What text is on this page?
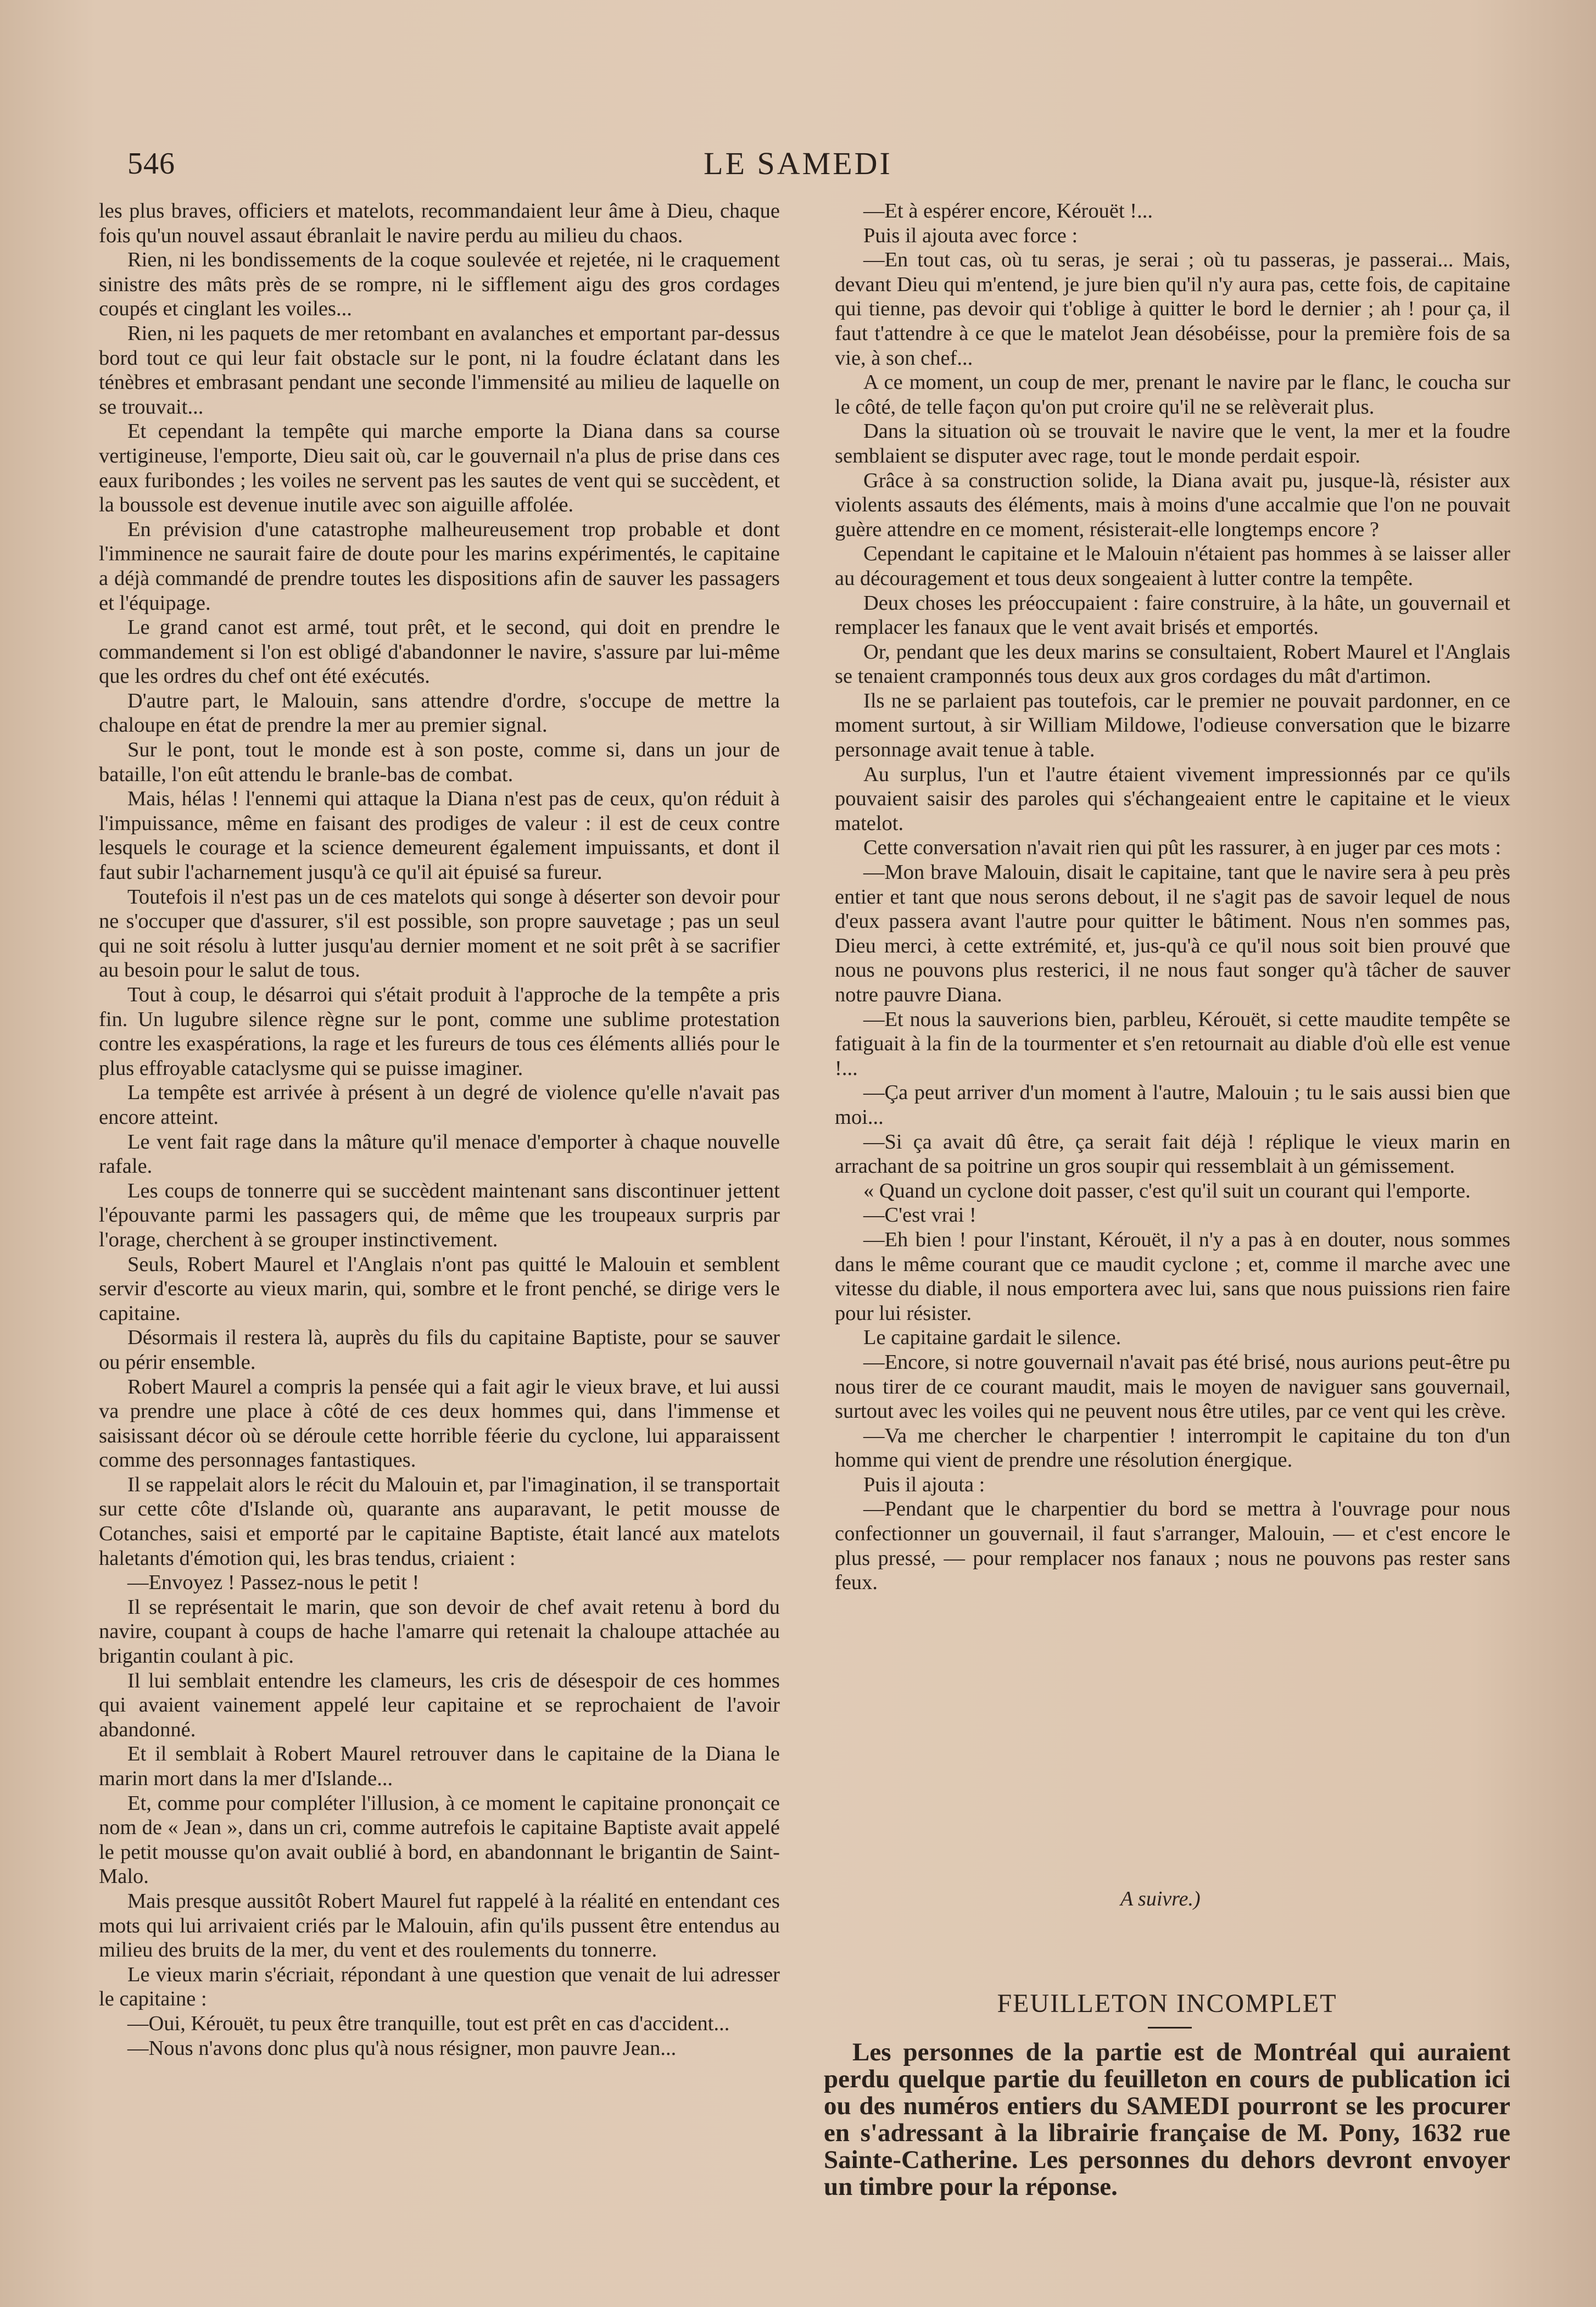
546	LE SAMEDI

les plus braves, officiers et matelots, recommandaient leur âme à Dieu, chaque fois qu'un nouvel assaut ébranlait le navire perdu au milieu du chaos.

Rien, ni les bondissements de la coque soulevée et rejetée, ni le craquement sinistre des mâts près de se rompre, ni le sifflement aigu des gros cordages coupés et cinglant les voiles...

Rien, ni les paquets de mer retombant en avalanches et emportant par-dessus bord tout ce qui leur fait obstacle sur le pont, ni la foudre éclatant dans les ténèbres et embrasant pendant une seconde l'immensité au milieu de laquelle on se trouvait...

Et cependant la tempête qui marche emporte la Diana dans sa course vertigineuse, l'emporte, Dieu sait où, car le gouvernail n'a plus de prise dans ces eaux furibondes ; les voiles ne servent pas les sautes de vent qui se succèdent, et la boussole est devenue inutile avec son aiguille affolée.

En prévision d'une catastrophe malheureusement trop probable et dont l'imminence ne saurait faire de doute pour les marins expérimentés, le capitaine a déjà commandé de prendre toutes les dispositions afin de sauver les passagers et l'équipage.

Le grand canot est armé, tout prêt, et le second, qui doit en prendre le commandement si l'on est obligé d'abandonner le navire, s'assure par lui-même que les ordres du chef ont été exécutés.

D'autre part, le Malouin, sans attendre d'ordre, s'occupe de mettre la chaloupe en état de prendre la mer au premier signal.

Sur le pont, tout le monde est à son poste, comme si, dans un jour de bataille, l'on eût attendu le branle-bas de combat.

Mais, hélas ! l'ennemi qui attaque la Diana n'est pas de ceux, qu'on réduit à l'impuissance, même en faisant des prodiges de valeur : il est de ceux contre lesquels le courage et la science demeurent également impuissants, et dont il faut subir l'acharnement jusqu'à ce qu'il ait épuisé sa fureur.

Toutefois il n'est pas un de ces matelots qui songe à déserter son devoir pour ne s'occuper que d'assurer, s'il est possible, son propre sauvetage ; pas un seul qui ne soit résolu à lutter jusqu'au dernier moment et ne soit prêt à se sacrifier au besoin pour le salut de tous.

Tout à coup, le désarroi qui s'était produit à l'approche de la tempête a pris fin. Un lugubre silence règne sur le pont, comme une sublime protestation contre les exaspérations, la rage et les fureurs de tous ces éléments alliés pour le plus effroyable cataclysme qui se puisse imaginer.

La tempête est arrivée à présent à un degré de violence qu'elle n'avait pas encore atteint.

Le vent fait rage dans la mâture qu'il menace d'emporter à chaque nouvelle rafale.

Les coups de tonnerre qui se succèdent maintenant sans discontinuer jettent l'épouvante parmi les passagers qui, de même que les troupeaux surpris par l'orage, cherchent à se grouper instinctivement.

Seuls, Robert Maurel et l'Anglais n'ont pas quitté le Malouin et semblent servir d'escorte au vieux marin, qui, sombre et le front penché, se dirige vers le capitaine.

Désormais il restera là, auprès du fils du capitaine Baptiste, pour se sauver ou périr ensemble.

Robert Maurel a compris la pensée qui a fait agir le vieux brave, et lui aussi va prendre une place à côté de ces deux hommes qui, dans l'immense et saisissant décor où se déroule cette horrible féerie du cyclone, lui apparaissent comme des personnages fantastiques.

Il se rappelait alors le récit du Malouin et, par l'imagination, il se transportait sur cette côte d'Islande où, quarante ans auparavant, le petit mousse de Cotanches, saisi et emporté par le capitaine Baptiste, était lancé aux matelots haletants d'émotion qui, les bras tendus, criaient :

—Envoyez ! Passez-nous le petit !

Il se représentait le marin, que son devoir de chef avait retenu à bord du navire, coupant à coups de hache l'amarre qui retenait la chaloupe attachée au brigantin coulant à pic.

Il lui semblait entendre les clameurs, les cris de désespoir de ces hommes qui avaient vainement appelé leur capitaine et se reprochaient de l'avoir abandonné.

Et il semblait à Robert Maurel retrouver dans le capitaine de la Diana le marin mort dans la mer d'Islande...

Et, comme pour compléter l'illusion, à ce moment le capitaine prononçait ce nom de « Jean », dans un cri, comme autrefois le capitaine Baptiste avait appelé le petit mousse qu'on avait oublié à bord, en abandonnant le brigantin de Saint-Malo.

Mais presque aussitôt Robert Maurel fut rappelé à la réalité en entendant ces mots qui lui arrivaient criés par le Malouin, afin qu'ils pussent être entendus au milieu des bruits de la mer, du vent et des roulements du tonnerre.

Le vieux marin s'écriait, répondant à une question que venait de lui adresser le capitaine :

—Oui, Kérouët, tu peux être tranquille, tout est prêt en cas d'accident...

—Nous n'avons donc plus qu'à nous résigner, mon pauvre Jean...

—Et à espérer encore, Kérouët !...

Puis il ajouta avec force :

—En tout cas, où tu seras, je serai ; où tu passeras, je passerai... Mais, devant Dieu qui m'entend, je jure bien qu'il n'y aura pas, cette fois, de capitaine qui tienne, pas devoir qui t'oblige à quitter le bord le dernier ; ah ! pour ça, il faut t'attendre à ce que le matelot Jean désobéisse, pour la première fois de sa vie, à son chef...

A ce moment, un coup de mer, prenant le navire par le flanc, le coucha sur le côté, de telle façon qu'on put croire qu'il ne se relèverait plus.

Dans la situation où se trouvait le navire que le vent, la mer et la foudre semblaient se disputer avec rage, tout le monde perdait espoir.

Grâce à sa construction solide, la Diana avait pu, jusque-là, résister aux violents assauts des éléments, mais à moins d'une accalmie que l'on ne pouvait guère attendre en ce moment, résisterait-elle longtemps encore ?

Cependant le capitaine et le Malouin n'étaient pas hommes à se laisser aller au découragement et tous deux songeaient à lutter contre la tempête.

Deux choses les préoccupaient : faire construire, à la hâte, un gouvernail et remplacer les fanaux que le vent avait brisés et emportés.

Or, pendant que les deux marins se consultaient, Robert Maurel et l'Anglais se tenaient cramponnés tous deux aux gros cordages du mât d'artimon.

Ils ne se parlaient pas toutefois, car le premier ne pouvait pardonner, en ce moment surtout, à sir William Mildowe, l'odieuse conversation que le bizarre personnage avait tenue à table.

Au surplus, l'un et l'autre étaient vivement impressionnés par ce qu'ils pouvaient saisir des paroles qui s'échangeaient entre le capitaine et le vieux matelot.

Cette conversation n'avait rien qui pût les rassurer, à en juger par ces mots :

—Mon brave Malouin, disait le capitaine, tant que le navire sera à peu près entier et tant que nous serons debout, il ne s'agit pas de savoir lequel de nous d'eux passera avant l'autre pour quitter le bâtiment. Nous n'en sommes pas, Dieu merci, à cette extrémité, et, jus-qu'à ce qu'il nous soit bien prouvé que nous ne pouvons plus resterici, il ne nous faut songer qu'à tâcher de sauver notre pauvre Diana.

—Et nous la sauverions bien, parbleu, Kérouët, si cette maudite tempête se fatiguait à la fin de la tourmenter et s'en retournait au diable d'où elle est venue !...

—Ça peut arriver d'un moment à l'autre, Malouin ; tu le sais aussi bien que moi...

—Si ça avait dû être, ça serait fait déjà ! réplique le vieux marin en arrachant de sa poitrine un gros soupir qui ressemblait à un gémissement.

« Quand un cyclone doit passer, c'est qu'il suit un courant qui l'emporte.

—C'est vrai !

—Eh bien ! pour l'instant, Kérouët, il n'y a pas à en douter, nous sommes dans le même courant que ce maudit cyclone ; et, comme il marche avec une vitesse du diable, il nous emportera avec lui, sans que nous puissions rien faire pour lui résister.

Le capitaine gardait le silence.

—Encore, si notre gouvernail n'avait pas été brisé, nous aurions peut-être pu nous tirer de ce courant maudit, mais le moyen de naviguer sans gouvernail, surtout avec les voiles qui ne peuvent nous être utiles, par ce vent qui les crève.

—Va me chercher le charpentier ! interrompit le capitaine du ton d'un homme qui vient de prendre une résolution énergique.

Puis il ajouta :

—Pendant que le charpentier du bord se mettra à l'ouvrage pour nous confectionner un gouvernail, il faut s'arranger, Malouin, — et c'est encore le plus pressé, — pour remplacer nos fanaux ; nous ne pouvons pas rester sans feux.

A suivre.)
FEUILLETON INCOMPLET

Les personnes de la partie est de Montréal qui auraient perdu quelque partie du feuilleton en cours de publication ici ou des numéros entiers du SAMEDI pourront se les procurer en s'adressant à la librairie française de M. Pony, 1632 rue Sainte-Catherine. Les personnes du dehors devront envoyer un timbre pour la réponse.
